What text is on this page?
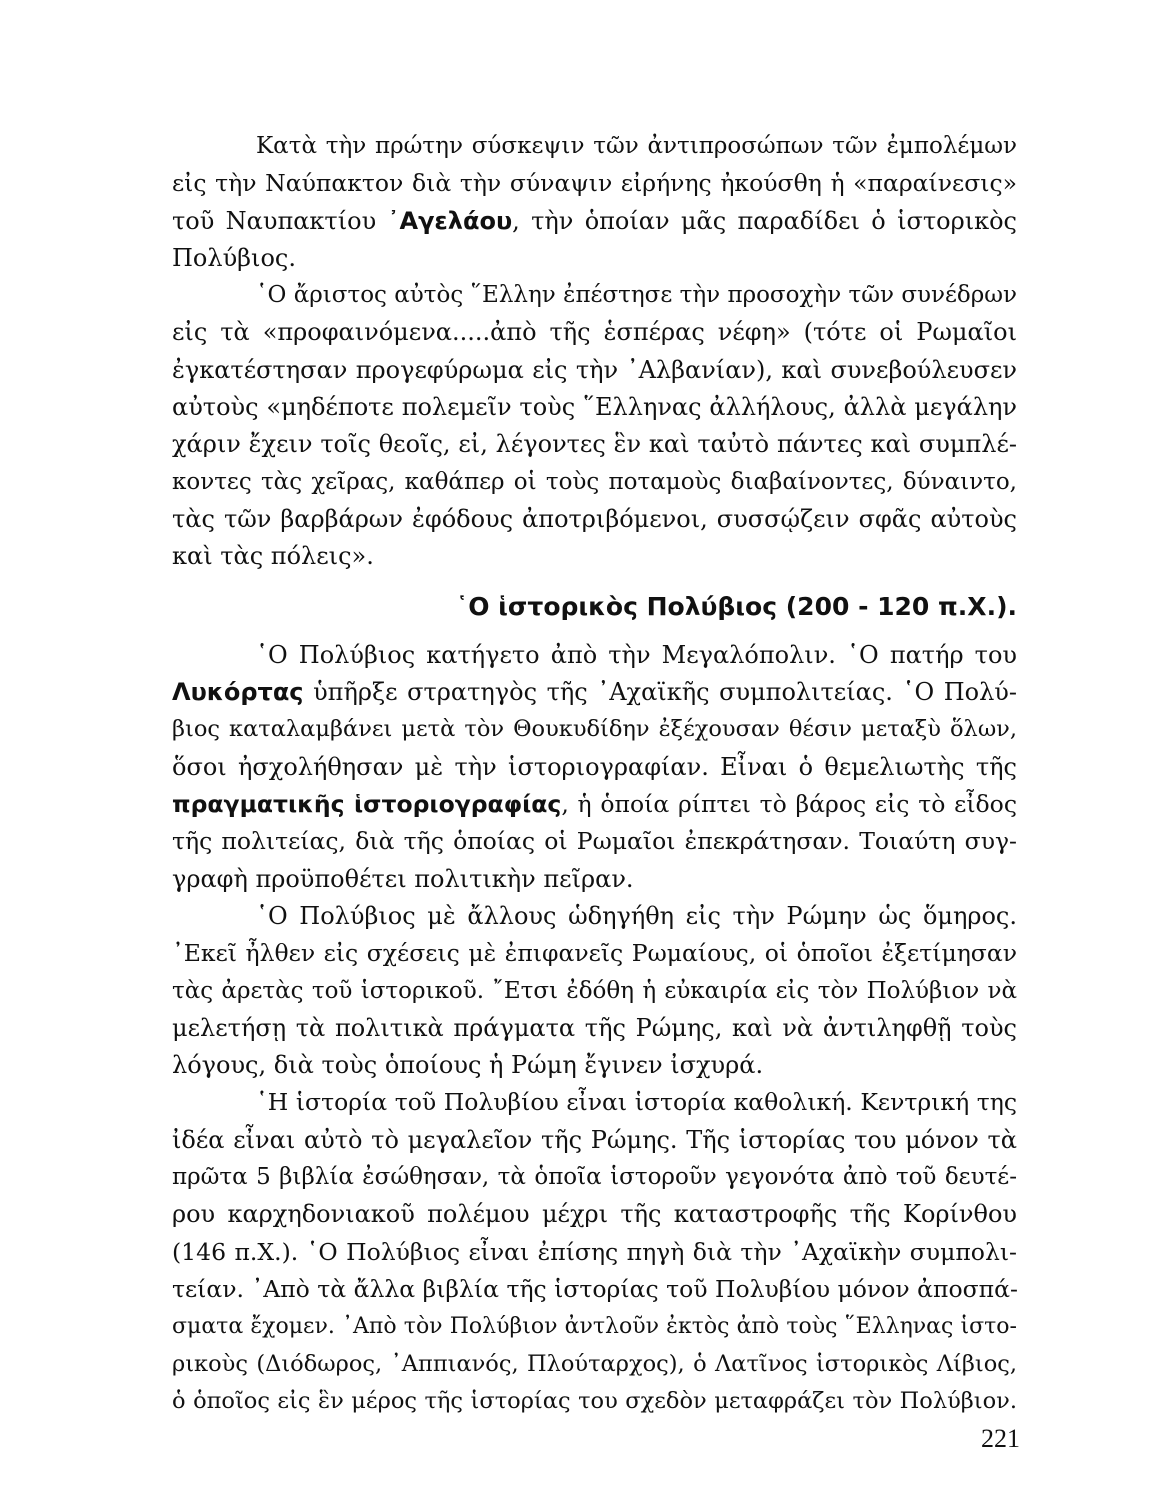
Κατὰ τὴν πρώτην σύσκεψιν τῶν ἀντιπροσώπων τῶν ἐμπολέμων
εἰς τὴν Ναύπακτον διὰ τὴν σύναψιν εἰρήνης ἠκούσθη ἡ «παραίνεσις»
τοῦ Ναυπακτίου ᾿Αγελάου, τὴν ὁποίαν μᾶς παραδίδει ὁ ἱστορικὸς
Πολύβιος.
῾Ο ἄριστος αὐτὸς ῞Ελλην ἐπέστησε τὴν προσοχὴν τῶν συνέδρων
εἰς τὰ «προφαινόμενα.....ἀπὸ τῆς ἑσπέρας νέφη» (τότε οἱ Ρωμαῖοι
ἐγκατέστησαν προγεφύρωμα εἰς τὴν ᾿Αλβανίαν), καὶ συνεβούλευσεν
αὐτοὺς «μηδέποτε πολεμεῖν τοὺς ῞Ελληνας ἀλλήλους, ἀλλὰ μεγάλην
χάριν ἔχειν τοῖς θεοῖς, εἰ, λέγοντες ἓν καὶ ταὐτὸ πάντες καὶ συμπλέ-
κοντες τὰς χεῖρας, καθάπερ οἱ τοὺς ποταμοὺς διαβαίνοντες, δύναιντο,
τὰς τῶν βαρβάρων ἐφόδους ἀποτριβόμενοι, συσσῴζειν σφᾶς αὐτοὺς
καὶ τὰς πόλεις».
῾Ο ἱστορικὸς Πολύβιος (200 - 120 π.Χ.).
῾Ο Πολύβιος κατήγετο ἀπὸ τὴν Μεγαλόπολιν. ῾Ο πατήρ του
Λυκόρτας ὑπῆρξε στρατηγὸς τῆς ᾿Αχαϊκῆς συμπολιτείας. ῾Ο Πολύ-
βιος καταλαμβάνει μετὰ τὸν Θουκυδίδην ἐξέχουσαν θέσιν μεταξὺ ὅλων,
ὅσοι ἠσχολήθησαν μὲ τὴν ἱστοριογραφίαν. Εἶναι ὁ θεμελιωτὴς τῆς
πραγματικῆς ἱστοριογραφίας, ἡ ὁποία ρίπτει τὸ βάρος εἰς τὸ εἶδος
τῆς πολιτείας, διὰ τῆς ὁποίας οἱ Ρωμαῖοι ἐπεκράτησαν. Τοιαύτη συγ-
γραφὴ προϋποθέτει πολιτικὴν πεῖραν.
῾Ο Πολύβιος μὲ ἄλλους ὡδηγήθη εἰς τὴν Ρώμην ὡς ὅμηρος.
᾿Εκεῖ ἦλθεν εἰς σχέσεις μὲ ἐπιφανεῖς Ρωμαίους, οἱ ὁποῖοι ἐξετίμησαν
τὰς ἀρετὰς τοῦ ἱστορικοῦ. ῎Ετσι ἐδόθη ἡ εὐκαιρία εἰς τὸν Πολύβιον νὰ
μελετήσῃ τὰ πολιτικὰ πράγματα τῆς Ρώμης, καὶ νὰ ἀντιληφθῇ τοὺς
λόγους, διὰ τοὺς ὁποίους ἡ Ρώμη ἔγινεν ἰσχυρά.
῾Η ἱστορία τοῦ Πολυβίου εἶναι ἱστορία καθολική. Κεντρική της
ἰδέα εἶναι αὐτὸ τὸ μεγαλεῖον τῆς Ρώμης. Τῆς ἱστορίας του μόνον τὰ
πρῶτα 5 βιβλία ἐσώθησαν, τὰ ὁποῖα ἱστοροῦν γεγονότα ἀπὸ τοῦ δευτέ-
ρου καρχηδονιακοῦ πολέμου μέχρι τῆς καταστροφῆς τῆς Κορίνθου
(146 π.Χ.). ῾Ο Πολύβιος εἶναι ἐπίσης πηγὴ διὰ τὴν ᾿Αχαϊκὴν συμπολι-
τείαν. ᾿Απὸ τὰ ἄλλα βιβλία τῆς ἱστορίας τοῦ Πολυβίου μόνον ἀποσπά-
σματα ἔχομεν. ᾿Απὸ τὸν Πολύβιον ἀντλοῦν ἐκτὸς ἀπὸ τοὺς ῞Ελληνας ἱστο-
ρικοὺς (Διόδωρος, ᾿Αππιανός, Πλούταρχος), ὁ Λατῖνος ἱστορικὸς Λίβιος,
ὁ ὁποῖος εἰς ἓν μέρος τῆς ἱστορίας του σχεδὸν μεταφράζει τὸν Πολύβιον.
221
